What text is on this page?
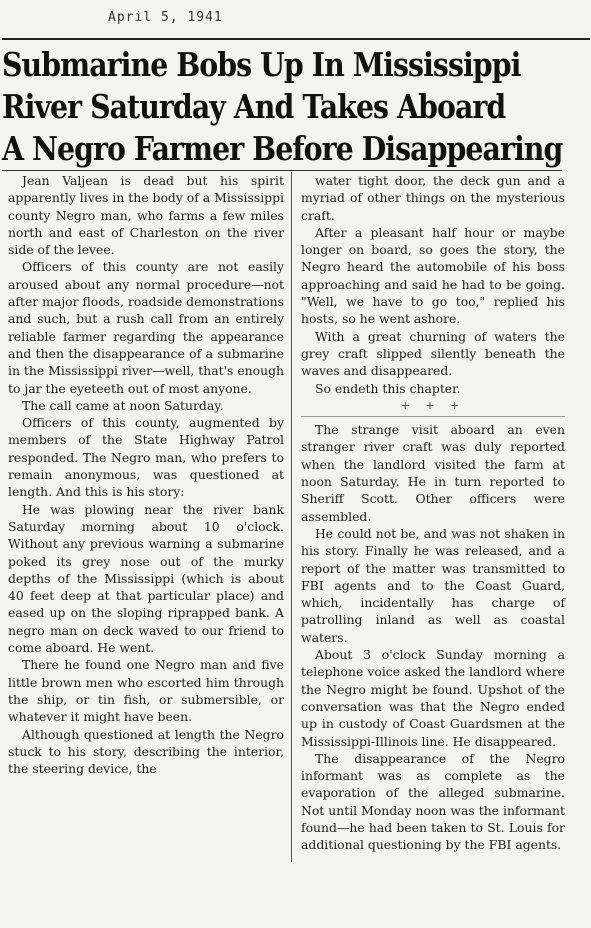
April 5, 1941
Submarine Bobs Up In Mississippi
River Saturday And Takes Aboard
A Negro Farmer Before Disappearing

Jean Valjean is dead but his spirit apparently lives in the body of a Mississippi county Negro man, who farms a few miles north and east of Charleston on the river side of the levee.

Officers of this county are not easily aroused about any normal procedure—not after major floods, roadside demonstrations and such, but a rush call from an entirely reliable farmer regarding the appearance and then the disappearance of a submarine in the Mississippi river—well, that's enough to jar the eyeteeth out of most anyone.

The call came at noon Saturday.

Officers of this county, augmented by members of the State Highway Patrol responded. The Negro man, who prefers to remain anonymous, was questioned at length. And this is his story:

He was plowing near the river bank Saturday morning about 10 o'clock. Without any previous warning a submarine poked its grey nose out of the murky depths of the Mississippi (which is about 40 feet deep at that particular place) and eased up on the sloping riprapped bank. A negro man on deck waved to our friend to come aboard. He went.

There he found one Negro man and five little brown men who escorted him through the ship, or tin fish, or submersible, or whatever it might have been.

Although questioned at length the Negro stuck to his story, describing the interior, the steering device, the

water tight door, the deck gun and a myriad of other things on the mysterious craft.

After a pleasant half hour or maybe longer on board, so goes the story, the Negro heard the automobile of his boss approaching and said he had to be going. "Well, we have to go too," replied his hosts, so he went ashore.

With a great churning of waters the grey craft slipped silently beneath the waves and disappeared.

So endeth this chapter.

+ + +

The strange visit aboard an even stranger river craft was duly reported when the landlord visited the farm at noon Saturday. He in turn reported to Sheriff Scott. Other officers were assembled.

He could not be, and was not shaken in his story. Finally he was released, and a report of the matter was transmitted to FBI agents and to the Coast Guard, which, incidentally has charge of patrolling inland as well as coastal waters.

About 3 o'clock Sunday morning a telephone voice asked the landlord where the Negro might be found. Upshot of the conversation was that the Negro ended up in custody of Coast Guardsmen at the Mississippi-Illinois line. He disappeared.

The disappearance of the Negro informant was as complete as the evaporation of the alleged submarine. Not until Monday noon was the informant found—he had been taken to St. Louis for additional questioning by the FBI agents.
